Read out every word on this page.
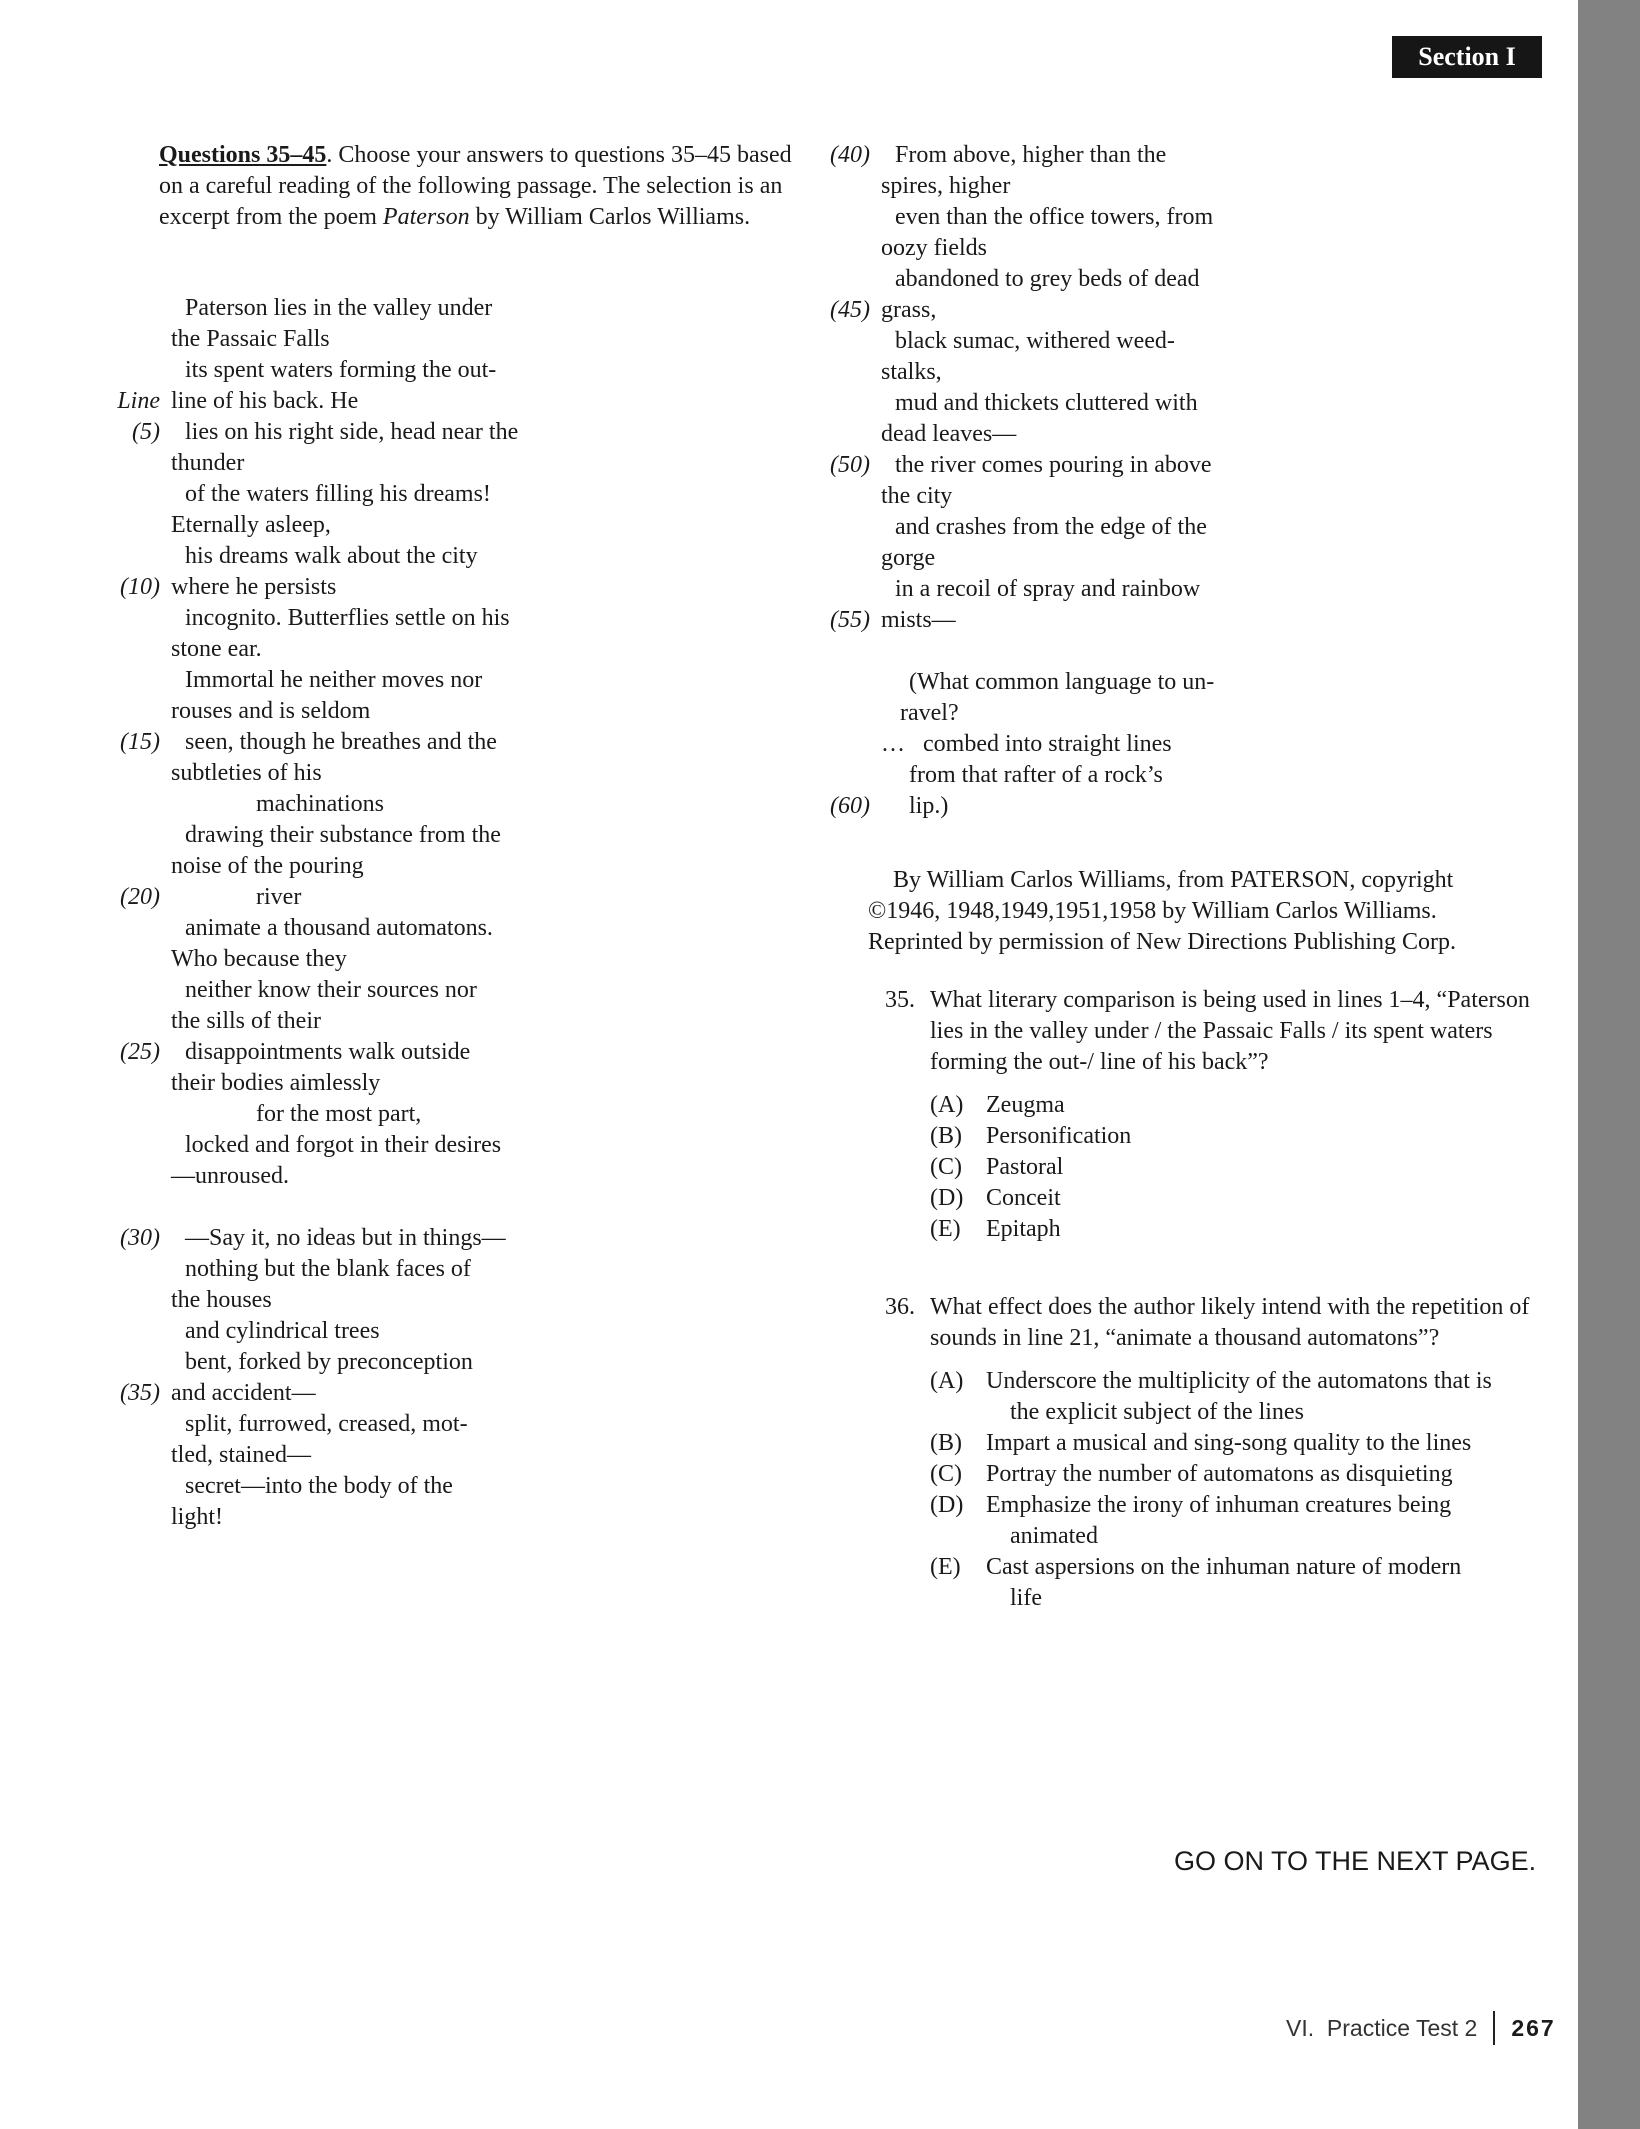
Section I
Questions 35–45. Choose your answers to questions 35–45 based on a careful reading of the following passage. The selection is an excerpt from the poem Paterson by William Carlos Williams.
Paterson lies in the valley under
the Passaic Falls
its spent waters forming the out-
Line line of his back. He
(5)	lies on his right side, head near the
thunder
of the waters filling his dreams!
Eternally asleep,
his dreams walk about the city
(10) where he persists
incognito. Butterflies settle on his
stone ear.
Immortal he neither moves nor
rouses and is seldom
(15)	seen, though he breathes and the
subtleties of his
machinations
drawing their substance from the
noise of the pouring
(20)	river
animate a thousand automatons.
Who because they
neither know their sources nor
the sills of their
(25)	disappointments walk outside
their bodies aimlessly
for the most part,
locked and forgot in their desires
—unroused.
(30)	—Say it, no ideas but in things—
nothing but the blank faces of
the houses
and cylindrical trees
bent, forked by preconception
(35) and accident—
split, furrowed, creased, mot-
tled, stained—
secret—into the body of the
light!
(40)	From above, higher than the
spires, higher
even than the office towers, from
oozy fields
abandoned to grey beds of dead
(45) grass,
black sumac, withered weed-
stalks,
mud and thickets cluttered with
dead leaves—
(50)	the river comes pouring in above
the city
and crashes from the edge of the
gorge
in a recoil of spray and rainbow
(55) mists—
(What common language to un-
ravel?
…   combed into straight lines
from that rafter of a rock’s
(60)	lip.)

By William Carlos Williams, from PATERSON, copyright

©1946, 1948,1949,1951,1958 by William Carlos Williams.

Reprinted by permission of New Directions Publishing Corp.

35. What literary comparison is being used in lines 1–4, “Paterson lies in the valley under / the Passaic Falls / its spent waters forming the out-/ line of his back”?
(A) Zeugma
(B)	Personification
(C)	Pastoral
(D) Conceit
(E)	Epitaph
36. What effect does the author likely intend with the repetition of sounds in line 21, “animate a thousand automatons”?
(A) Underscore the multiplicity of the automatons that is
the explicit subject of the lines
(B)	Impart a musical and sing-song quality to the lines
(C)	Portray the number of automatons as disquieting
(D) Emphasize the irony of inhuman creatures being
animated
(E)	Cast aspersions on the inhuman nature of modern
life
GO ON TO THE NEXT PAGE.
VI.  Practice Test 2 267
